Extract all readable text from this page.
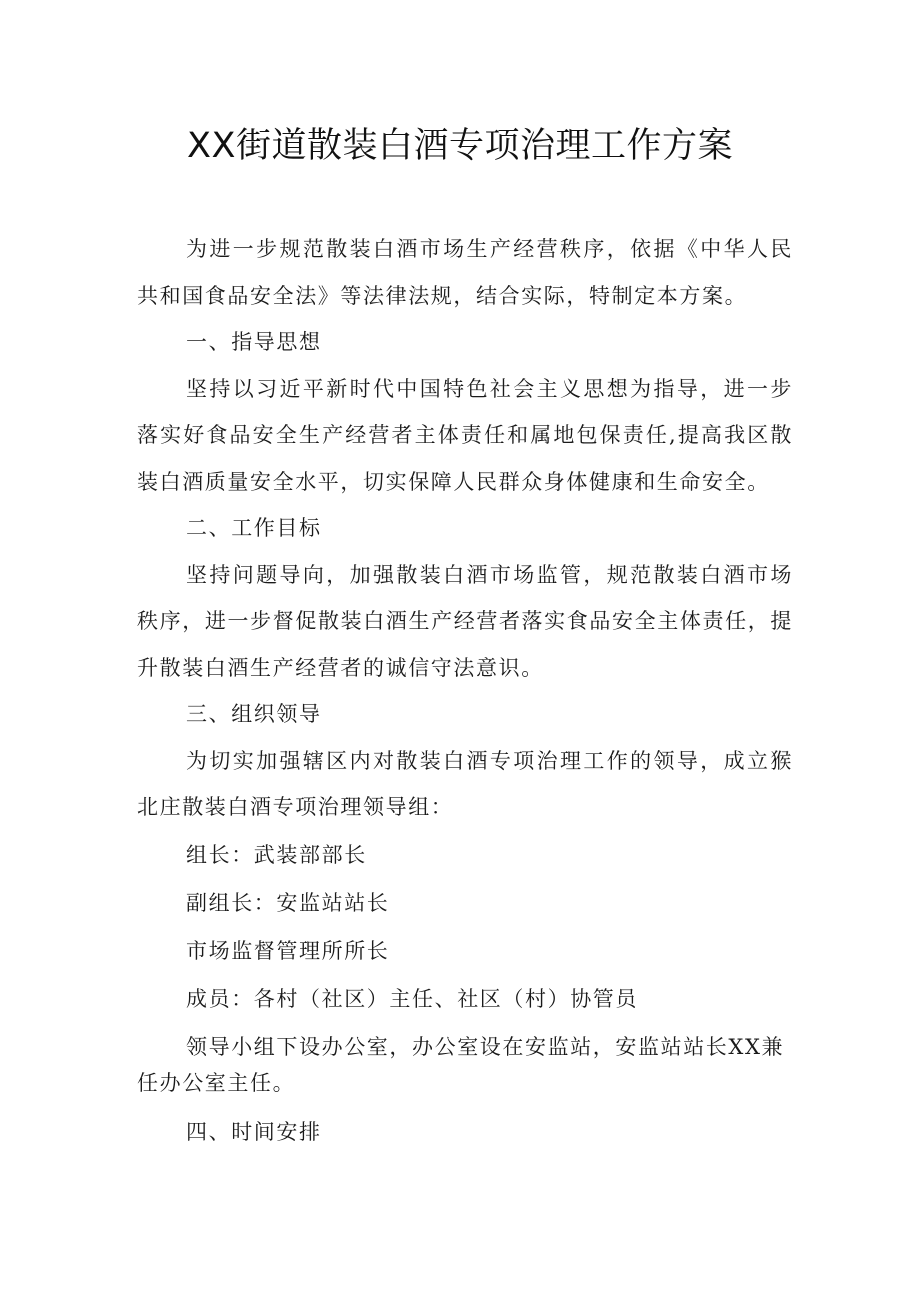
XX街道散装白酒专项治理工作方案

为进一步规范散装白酒市场生产经营秩序，依据《中华人民共和国食品安全法》等法律法规，结合实际，特制定本方案。

一、指导思想

坚持以习近平新时代中国特色社会主义思想为指导，进一步落实好食品安全生产经营者主体责任和属地包保责任,提高我区散装白酒质量安全水平，切实保障人民群众身体健康和生命安全。

二、工作目标

坚持问题导向，加强散装白酒市场监管，规范散装白酒市场秩序，进一步督促散装白酒生产经营者落实食品安全主体责任，提升散装白酒生产经营者的诚信守法意识。

三、组织领导

为切实加强辖区内对散装白酒专项治理工作的领导，成立猴北庄散装白酒专项治理领导组：

组长：武装部部长

副组长：安监站站长

市场监督管理所所长

成员：各村（社区）主任、社区（村）协管员

领导小组下设办公室，办公室设在安监站，安监站站长XX兼任办公室主任。

四、时间安排
